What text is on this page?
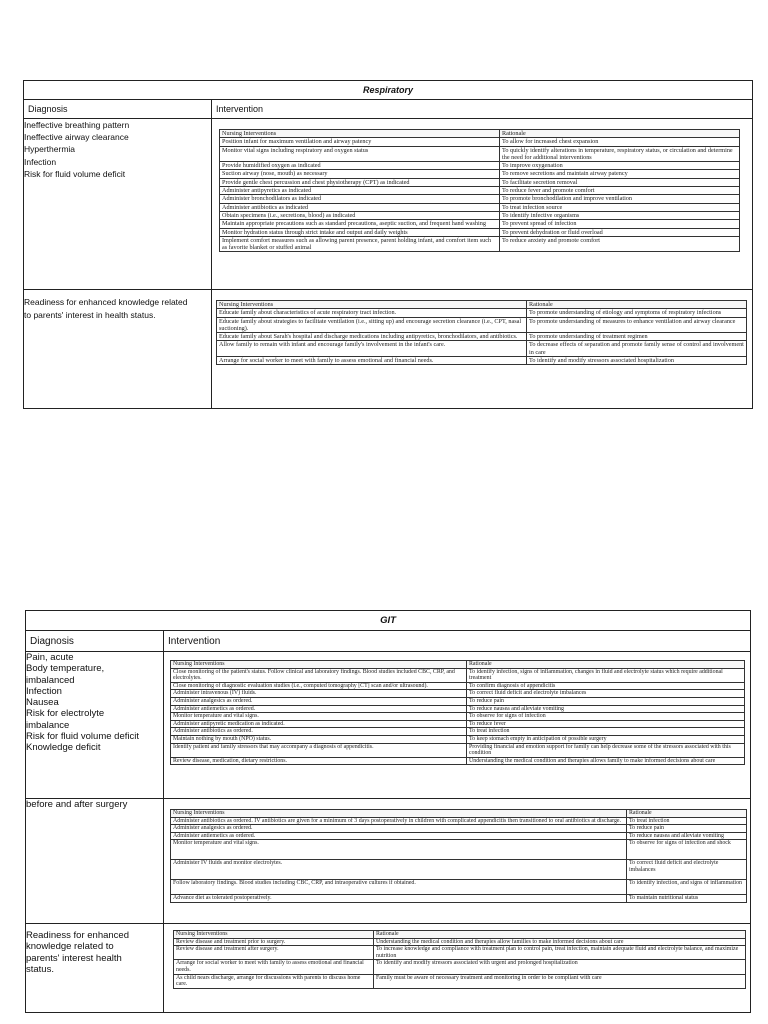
Respiratory
Diagnosis	Intervention

Ineffective breathing pattern
Ineffective airway clearance
Hyperthermia
Infection
Risk for fluid volume deficit

Nursing Interventions	Rationale
Position infant for maximum ventilation and airway patency	To allow for increased chest expansion
Monitor vital signs including respiratory and oxygen status	To quickly identify alterations in temperature, respiratory status, or circulation and determine the need for additional interventions
Provide humidified oxygen as indicated	To improve oxygenation
Suction airway (nose, mouth) as necessary	To remove secretions and maintain airway patency
Provide gentle chest percussion and chest physiotherapy (CPT) as indicated	To facilitate secretion removal
Administer antipyretics as indicated	To reduce fever and promote comfort
Administer bronchodilators as indicated	To promote bronchodilation and improve ventilation
Administer antibiotics as indicated	To treat infection source
Obtain specimens (i.e., secretions, blood) as indicated	To identify infective organisms
Maintain appropriate precautions such as standard precautions, aseptic suction, and frequent hand washing	To prevent spread of infection
Monitor hydration status through strict intake and output and daily weights	To prevent dehydration or fluid overload
Implement comfort measures such as allowing parent presence, parent holding infant, and comfort item such as favorite blanket or stuffed animal	To reduce anxiety and promote comfort

Readiness for enhanced knowledge related
to parents' interest in health status.

Nursing Interventions	Rationale
Educate family about characteristics of acute respiratory tract infection.	To promote understanding of etiology and symptoms of respiratory infections
Educate family about strategies to facilitate ventilation (i.e., sitting up) and encourage secretion clearance (i.e., CPT, nasal suctioning).	To promote understanding of measures to enhance ventilation and airway clearance
Educate family about Sarah's hospital and discharge medications including antipyretics, bronchodilators, and antibiotics.	To promote understanding of treatment regimen
Allow family to remain with infant and encourage family's involvement in the infant's care.	To decrease effects of separation and promote family sense of control and involvement in care
Arrange for social worker to meet with family to assess emotional and financial needs.	To identify and modify stressors associated hospitalization
GIT
Diagnosis	Intervention

Pain, acute
Body temperature,
imbalanced
Infection
Nausea
Risk for electrolyte
imbalance
Risk for fluid volume deficit
Knowledge deficit

Nursing Interventions	Rationale
Close monitoring of the patient's status. Follow clinical and laboratory findings. Blood studies included CBC, CRP, and electrolytes.	To identify infection, signs of inflammation, changes in fluid and electrolyte status which require additional treatment
Close monitoring of diagnostic evaluation studies (i.e., computed tomography [CT] scan and/or ultrasound).	To confirm diagnosis of appendicitis
Administer intravenous (IV) fluids.	To correct fluid deficit and electrolyte imbalances
Administer analgesics as ordered.	To reduce pain
Administer antiemetics as ordered.	To reduce nausea and alleviate vomiting
Monitor temperature and vital signs.	To observe for signs of infection
Administer antipyretic medication as indicated.	To reduce fever
Administer antibiotics as ordered.	To treat infection
Maintain nothing by mouth (NPO) status.	To keep stomach empty in anticipation of possible surgery
Identify patient and family stressors that may accompany a diagnosis of appendicitis.	Providing financial and emotion support for family can help decrease some of the stressors associated with this condition
Review disease, medication, dietary restrictions.	Understanding the medical condition and therapies allows family to make informed decisions about care

before and after surgery

Nursing Interventions	Rationale
Administer antibiotics as ordered. IV antibiotics are given for a minimum of 3 days postoperatively in children with complicated appendicitis then transitioned to oral antibiotics at discharge.	To treat infection
Administer analgesics as ordered.	To reduce pain
Administer antiemetics as ordered.	To reduce nausea and alleviate vomiting
Monitor temperature and vital signs.	To observe for signs of infection and shock
Administer IV fluids and monitor electrolytes.	To correct fluid deficit and electrolyte imbalances
Follow laboratory findings. Blood studies including CBC, CRP, and intraoperative cultures if obtained.	To identify infection, and signs of inflammation
Advance diet as tolerated postoperatively.	To maintain nutritional status

Readiness for enhanced
knowledge related to
parents' interest health
status.

Nursing Interventions	Rationale
Review disease and treatment prior to surgery.	Understanding the medical condition and therapies allow families to make informed decisions about care
Review disease and treatment after surgery.	To increase knowledge and compliance with treatment plan to control pain, treat infection, maintain adequate fluid and electrolyte balance, and maximize nutrition
Arrange for social worker to meet with family to assess emotional and financial needs.	To identify and modify stressors associated with urgent and prolonged hospitalization
As child nears discharge, arrange for discussions with parents to discuss home care.	Family must be aware of necessary treatment and monitoring in order to be compliant with care
